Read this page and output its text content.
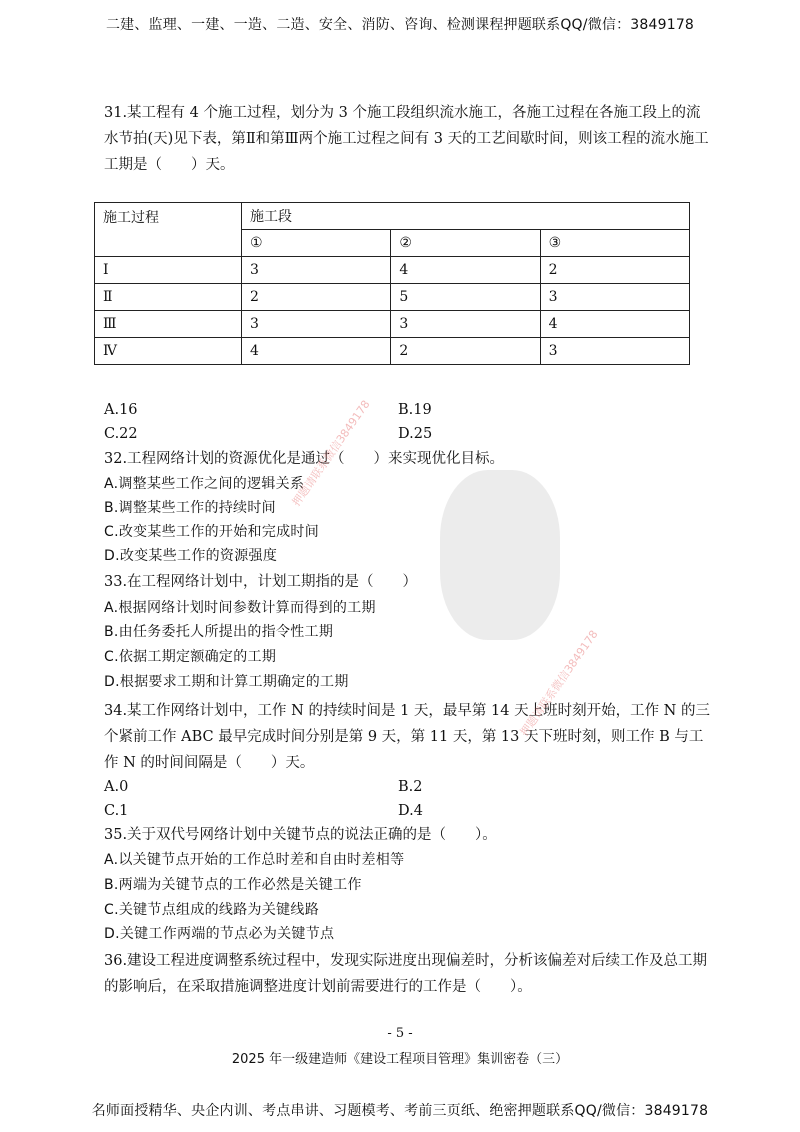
二建、监理、一建、一造、二造、安全、消防、咨询、检测课程押题联系QQ/微信：3849178

31.某工程有 4 个施工过程，划分为 3 个施工段组织流水施工，各施工过程在各施工段上的流水节拍(天)见下表，第Ⅱ和第Ⅲ两个施工过程之间有 3 天的工艺间歇时间，则该工程的流水施工工期是（　　）天。

施工过程	施工段		
	①	②	③
Ⅰ	3	4	2
Ⅱ	2	5	3
Ⅲ	3	3	4
Ⅳ	4	2	3
A.16	B.19
C.22	D.25
32.工程网络计划的资源优化是通过（　　）来实现优化目标。
A.调整某些工作之间的逻辑关系
B.调整某些工作的持续时间
C.改变某些工作的开始和完成时间
D.改变某些工作的资源强度
33.在工程网络计划中，计划工期指的是（　　）
A.根据网络计划时间参数计算而得到的工期
B.由任务委托人所提出的指令性工期
C.依据工期定额确定的工期
D.根据要求工期和计算工期确定的工期

34.某工作网络计划中，工作 N 的持续时间是 1 天，最早第 14 天上班时刻开始，工作 N 的三个紧前工作 ABC 最早完成时间分别是第 9 天，第 11 天，第 13 天下班时刻，则工作 B 与工作 N 的时间间隔是（　　）天。

A.0	B.2
C.1	D.4
35.关于双代号网络计划中关键节点的说法正确的是（　　）。
A.以关键节点开始的工作总时差和自由时差相等
B.两端为关键节点的工作必然是关键工作
C.关键节点组成的线路为关键线路
D.关键工作两端的节点必为关键节点

36.建设工程进度调整系统过程中，发现实际进度出现偏差时，分析该偏差对后续工作及总工期的影响后，在采取措施调整进度计划前需要进行的工作是（　　）。

押题请联系微信3849178
押题请联系微信3849178
- 5 -
2025 年一级建造师《建设工程项目管理》集训密卷（三）
名师面授精华、央企内训、考点串讲、习题模考、考前三页纸、绝密押题联系QQ/微信：3849178
